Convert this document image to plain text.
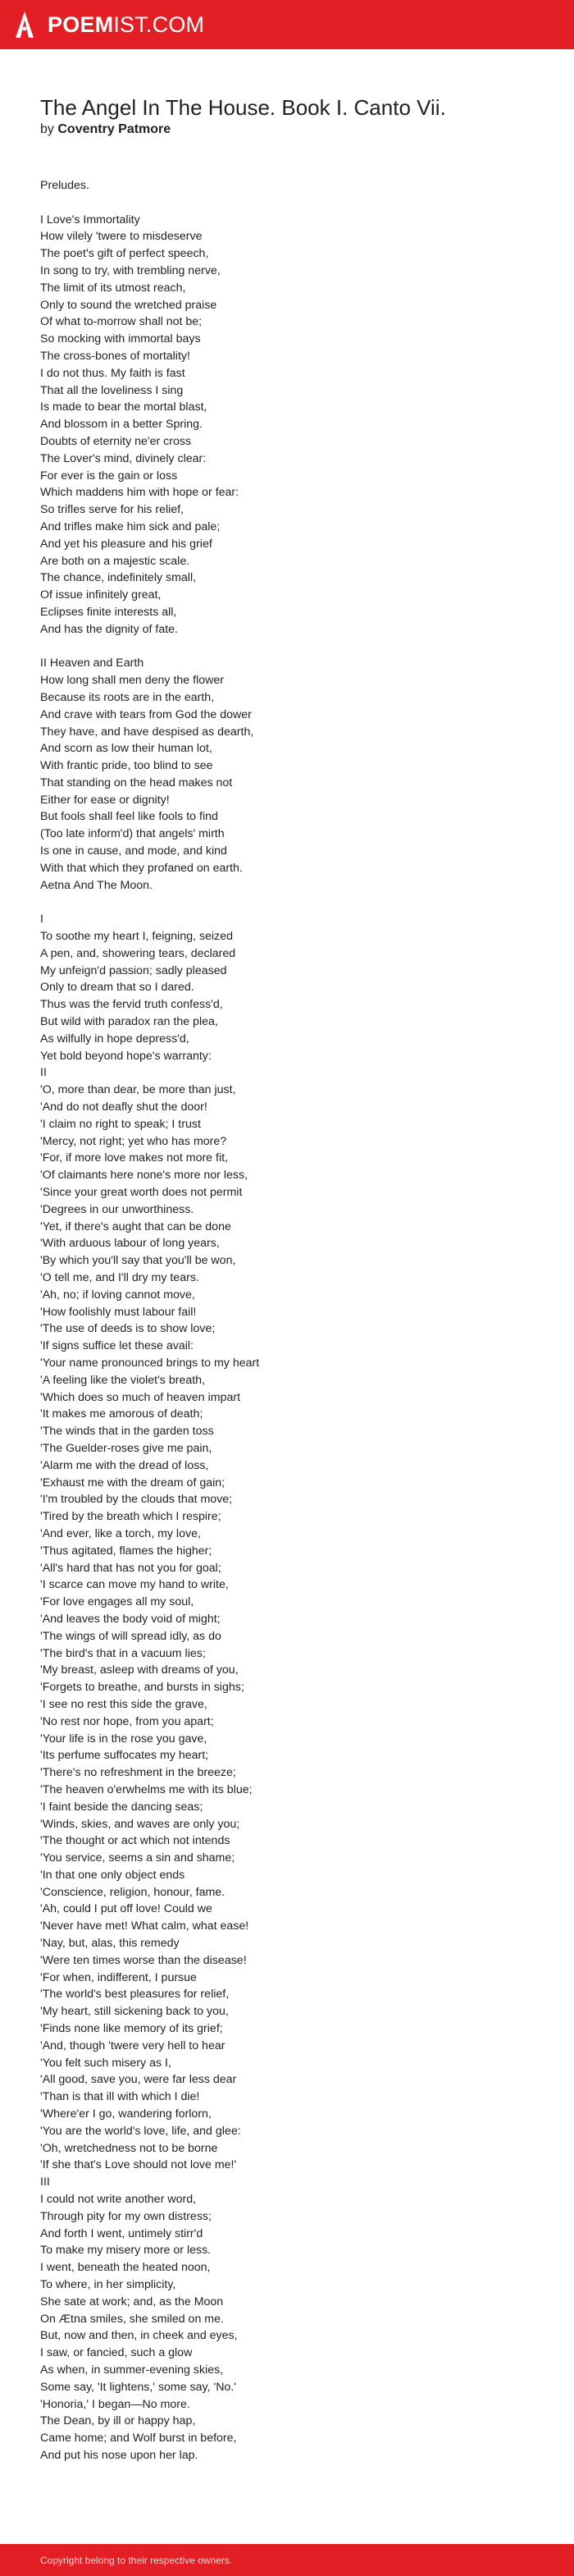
POEMIST.COM
The Angel In The House. Book I. Canto Vii.
by Coventry Patmore
Preludes.
I Love's Immortality
How vilely 'twere to misdeserve
The poet's gift of perfect speech,
In song to try, with trembling nerve,
The limit of its utmost reach,
Only to sound the wretched praise
Of what to-morrow shall not be;
So mocking with immortal bays
The cross-bones of mortality!
I do not thus. My faith is fast
That all the loveliness I sing
Is made to bear the mortal blast,
And blossom in a better Spring.
Doubts of eternity ne'er cross
The Lover's mind, divinely clear:
For ever is the gain or loss
Which maddens him with hope or fear:
So trifles serve for his relief,
And trifles make him sick and pale;
And yet his pleasure and his grief
Are both on a majestic scale.
The chance, indefinitely small,
Of issue infinitely great,
Eclipses finite interests all,
And has the dignity of fate.
II Heaven and Earth
How long shall men deny the flower
Because its roots are in the earth,
And crave with tears from God the dower
They have, and have despised as dearth,
And scorn as low their human lot,
With frantic pride, too blind to see
That standing on the head makes not
Either for ease or dignity!
But fools shall feel like fools to find
(Too late inform'd) that angels' mirth
Is one in cause, and mode, and kind
With that which they profaned on earth.
Aetna And The Moon.
I
To soothe my heart I, feigning, seized
A pen, and, showering tears, declared
My unfeign'd passion; sadly pleased
Only to dream that so I dared.
Thus was the fervid truth confess'd,
But wild with paradox ran the plea,
As wilfully in hope depress'd,
Yet bold beyond hope's warranty:
II
'O, more than dear, be more than just,
'And do not deafly shut the door!
'I claim no right to speak; I trust
'Mercy, not right; yet who has more?
'For, if more love makes not more fit,
'Of claimants here none's more nor less,
'Since your great worth does not permit
'Degrees in our unworthiness.
'Yet, if there's aught that can be done
'With arduous labour of long years,
'By which you'll say that you'll be won,
'O tell me, and I'll dry my tears.
'Ah, no; if loving cannot move,
'How foolishly must labour fail!
'The use of deeds is to show love;
'If signs suffice let these avail:
'Your name pronounced brings to my heart
'A feeling like the violet's breath,
'Which does so much of heaven impart
'It makes me amorous of death;
'The winds that in the garden toss
'The Guelder-roses give me pain,
'Alarm me with the dread of loss,
'Exhaust me with the dream of gain;
'I'm troubled by the clouds that move;
'Tired by the breath which I respire;
'And ever, like a torch, my love,
'Thus agitated, flames the higher;
'All's hard that has not you for goal;
'I scarce can move my hand to write,
'For love engages all my soul,
'And leaves the body void of might;
'The wings of will spread idly, as do
'The bird's that in a vacuum lies;
'My breast, asleep with dreams of you,
'Forgets to breathe, and bursts in sighs;
'I see no rest this side the grave,
'No rest nor hope, from you apart;
'Your life is in the rose you gave,
'Its perfume suffocates my heart;
'There's no refreshment in the breeze;
'The heaven o'erwhelms me with its blue;
'I faint beside the dancing seas;
'Winds, skies, and waves are only you;
'The thought or act which not intends
'You service, seems a sin and shame;
'In that one only object ends
'Conscience, religion, honour, fame.
'Ah, could I put off love! Could we
'Never have met! What calm, what ease!
'Nay, but, alas, this remedy
'Were ten times worse than the disease!
'For when, indifferent, I pursue
'The world's best pleasures for relief,
'My heart, still sickening back to you,
'Finds none like memory of its grief;
'And, though 'twere very hell to hear
'You felt such misery as I,
'All good, save you, were far less dear
'Than is that ill with which I die!
'Where'er I go, wandering forlorn,
'You are the world's love, life, and glee:
'Oh, wretchedness not to be borne
'If she that's Love should not love me!'
III
I could not write another word,
Through pity for my own distress;
And forth I went, untimely stirr'd
To make my misery more or less.
I went, beneath the heated noon,
To where, in her simplicity,
She sate at work; and, as the Moon
On Ætna smiles, she smiled on me.
But, now and then, in cheek and eyes,
I saw, or fancied, such a glow
As when, in summer-evening skies,
Some say, 'It lightens,' some say, 'No.'
'Honoria,' I began—No more.
The Dean, by ill or happy hap,
Came home; and Wolf burst in before,
And put his nose upon her lap.
Copyright belong to their respective owners.
